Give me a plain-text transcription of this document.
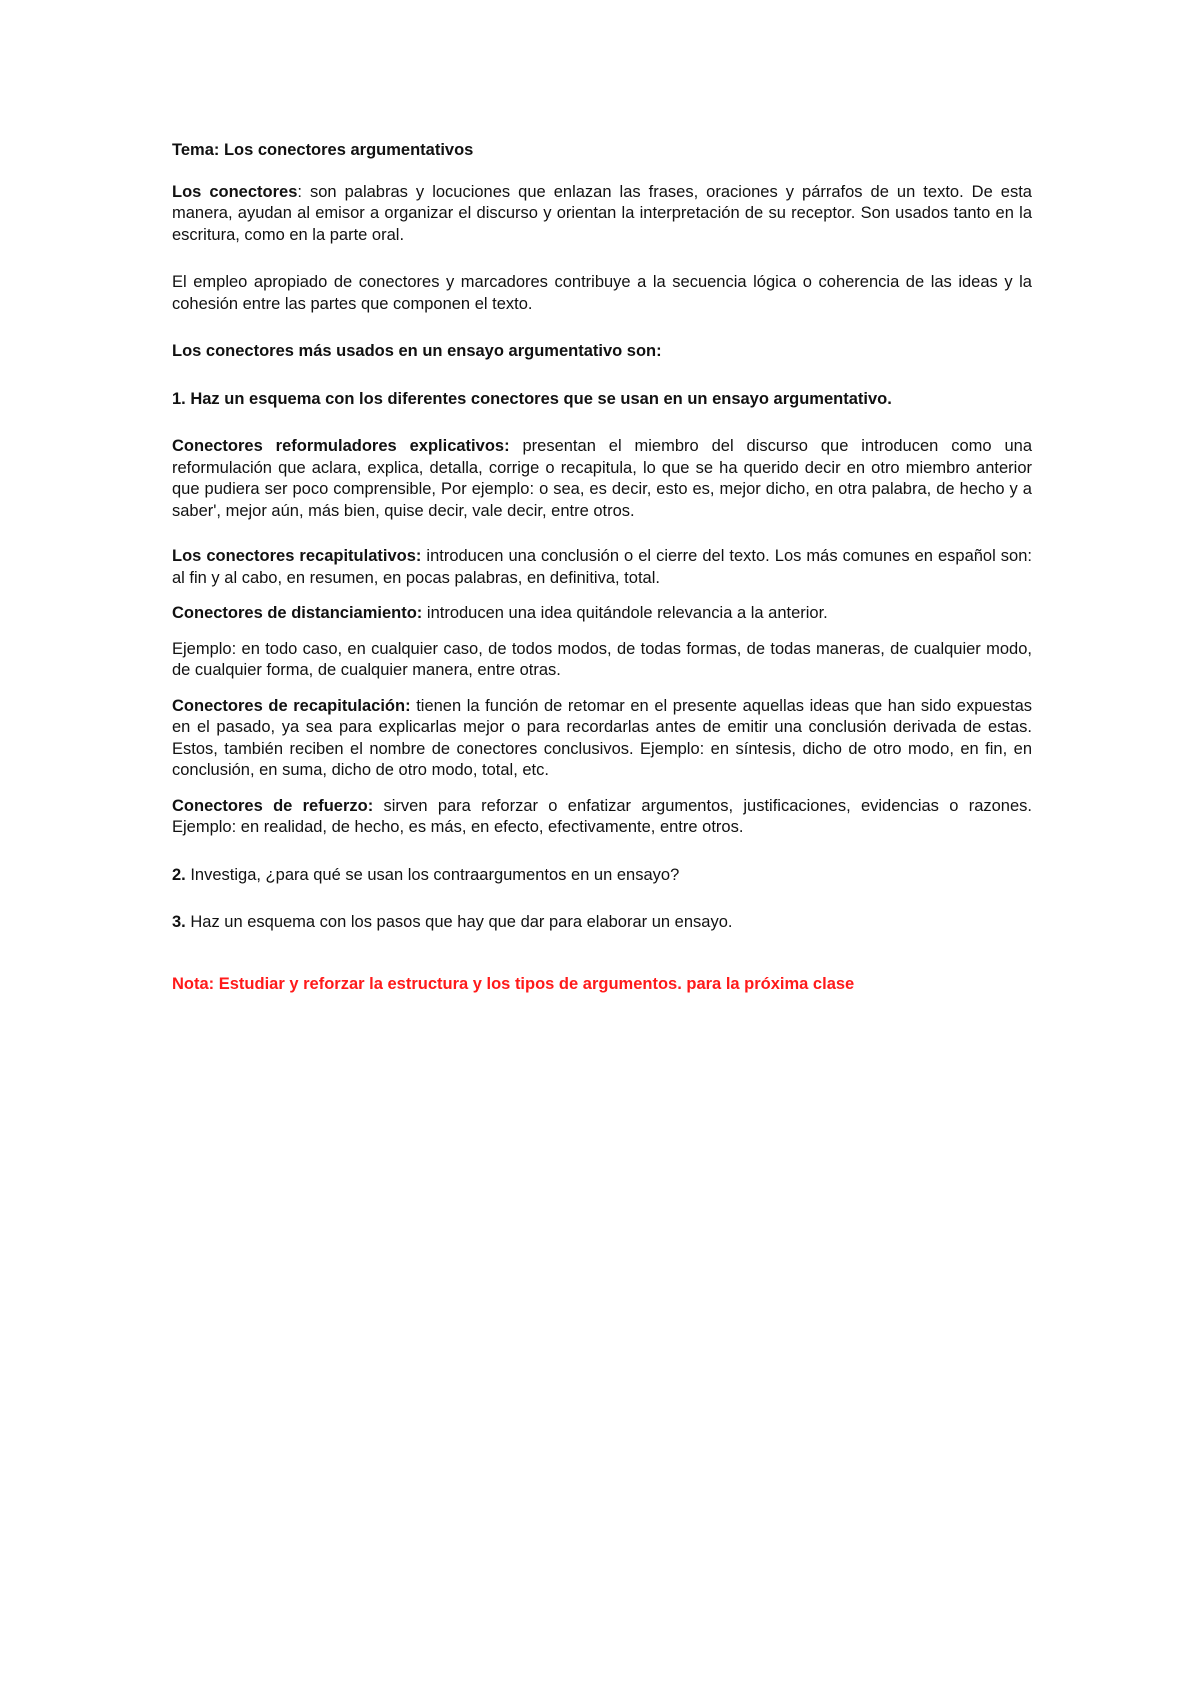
Tema: Los conectores argumentativos

Los conectores: son palabras y locuciones que enlazan las frases, oraciones y párrafos de un texto. De esta manera, ayudan al emisor a organizar el discurso y orientan la interpretación de su receptor. Son usados tanto en la escritura, como en la parte oral.

El empleo apropiado de conectores y marcadores contribuye a la secuencia lógica o coherencia de las ideas y la cohesión entre las partes que componen el texto.

Los conectores más usados en un ensayo argumentativo son:

1. Haz un esquema con los diferentes conectores que se usan en un ensayo argumentativo.

Conectores reformuladores explicativos: presentan el miembro del discurso que introducen como una reformulación que aclara, explica, detalla, corrige o recapitula, lo que se ha querido decir en otro miembro anterior que pudiera ser poco comprensible, Por ejemplo: o sea, es decir, esto es, mejor dicho, en otra palabra, de hecho y a saber', mejor aún, más bien, quise decir, vale decir, entre otros.

Los conectores recapitulativos: introducen una conclusión o el cierre del texto. Los más comunes en español son: al fin y al cabo, en resumen, en pocas palabras, en definitiva, total.

Conectores de distanciamiento: introducen una idea quitándole relevancia a la anterior.

Ejemplo: en todo caso, en cualquier caso, de todos modos, de todas formas, de todas maneras, de cualquier modo, de cualquier forma, de cualquier manera, entre otras.

Conectores de recapitulación: tienen la función de retomar en el presente aquellas ideas que han sido expuestas en el pasado, ya sea para explicarlas mejor o para recordarlas antes de emitir una conclusión derivada de estas. Estos, también reciben el nombre de conectores conclusivos. Ejemplo: en síntesis, dicho de otro modo, en fin, en conclusión, en suma, dicho de otro modo, total, etc.

Conectores de refuerzo: sirven para reforzar o enfatizar argumentos, justificaciones, evidencias o razones. Ejemplo: en realidad, de hecho, es más, en efecto, efectivamente, entre otros.

2. Investiga, ¿para qué se usan los contraargumentos en un ensayo?

3. Haz un esquema con los pasos que hay que dar para elaborar un ensayo.

Nota: Estudiar y reforzar la estructura y los tipos de argumentos. para la próxima clase
